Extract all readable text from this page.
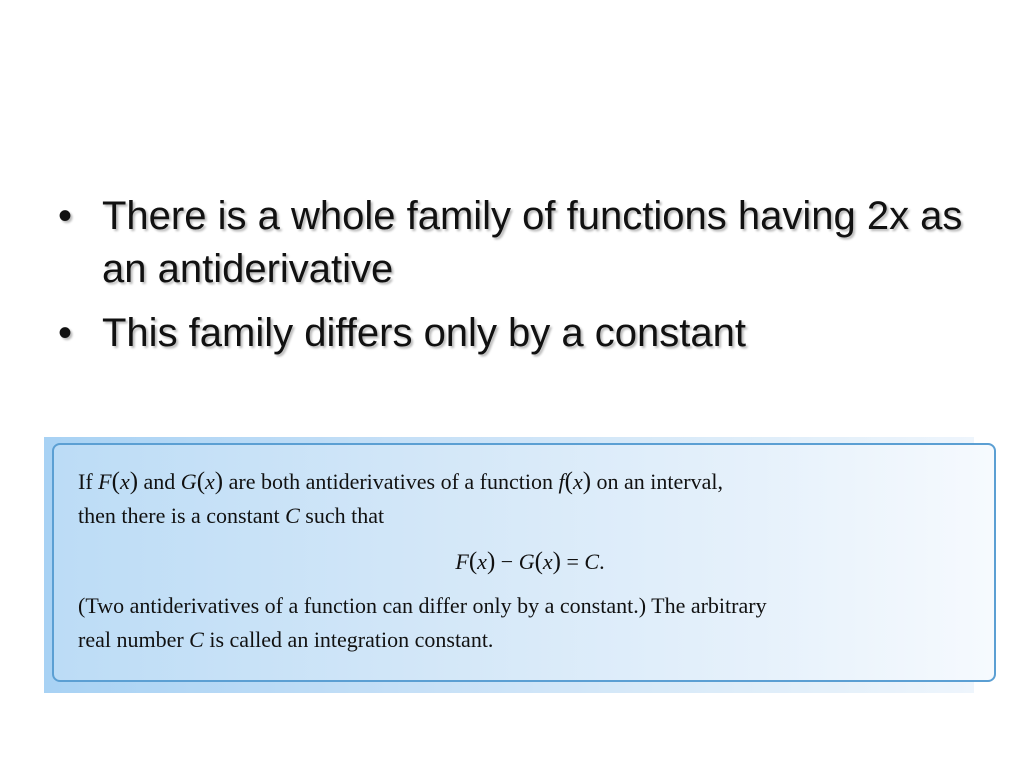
• There is a whole family of functions having 2x as an antiderivative
• This family differs only by a constant

If F(x) and G(x) are both antiderivatives of a function f(x) on an interval,
then there is a constant C such that

F(x) − G(x) = C.

(Two antiderivatives of a function can differ only by a constant.) The arbitrary
real number C is called an integration constant.
